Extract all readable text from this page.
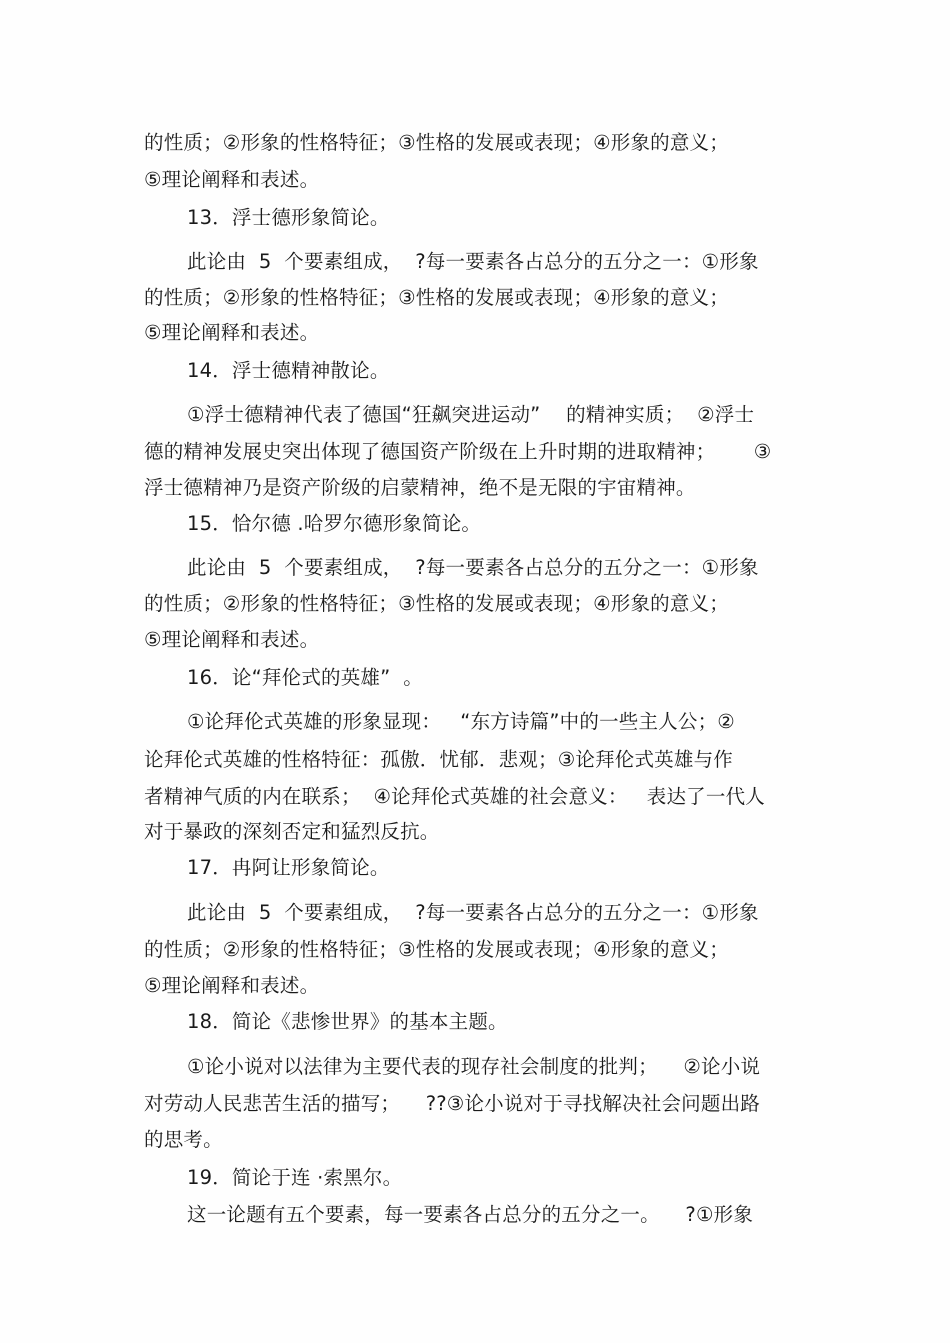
的性质；②形象的性格特征；③性格的发展或表现；④形象的意义；
⑤理论阐释和表述。
13．浮士德形象简论。
此论由  5  个要素组成，  ?每一要素各占总分的五分之一：①形象
的性质；②形象的性格特征；③性格的发展或表现；④形象的意义；
⑤理论阐释和表述。
14．浮士德精神散论。
①浮士德精神代表了德国“狂飙突进运动”    的精神实质；  ②浮士
德的精神发展史突出体现了德国资产阶级在上升时期的进取精神；      ③
浮士德精神乃是资产阶级的启蒙精神，绝不是无限的宇宙精神。
15．恰尔德 .哈罗尔德形象简论。
此论由  5  个要素组成，  ?每一要素各占总分的五分之一：①形象
的性质；②形象的性格特征；③性格的发展或表现；④形象的意义；
⑤理论阐释和表述。
16．论“拜伦式的英雄”  。
①论拜伦式英雄的形象显现：   “东方诗篇”中的一些主人公；②
论拜伦式英雄的性格特征：孤傲．忧郁．悲观；③论拜伦式英雄与作
者精神气质的内在联系；  ④论拜伦式英雄的社会意义：   表达了一代人
对于暴政的深刻否定和猛烈反抗。
17．冉阿让形象简论。
此论由  5  个要素组成，  ?每一要素各占总分的五分之一：①形象
的性质；②形象的性格特征；③性格的发展或表现；④形象的意义；
⑤理论阐释和表述。
18．简论《悲惨世界》的基本主题。
①论小说对以法律为主要代表的现存社会制度的批判；    ②论小说
对劳动人民悲苦生活的描写；    ??③论小说对于寻找解决社会问题出路
的思考。
19．简论于连 ·索黑尔。
这一论题有五个要素，每一要素各占总分的五分之一。    ?①形象
